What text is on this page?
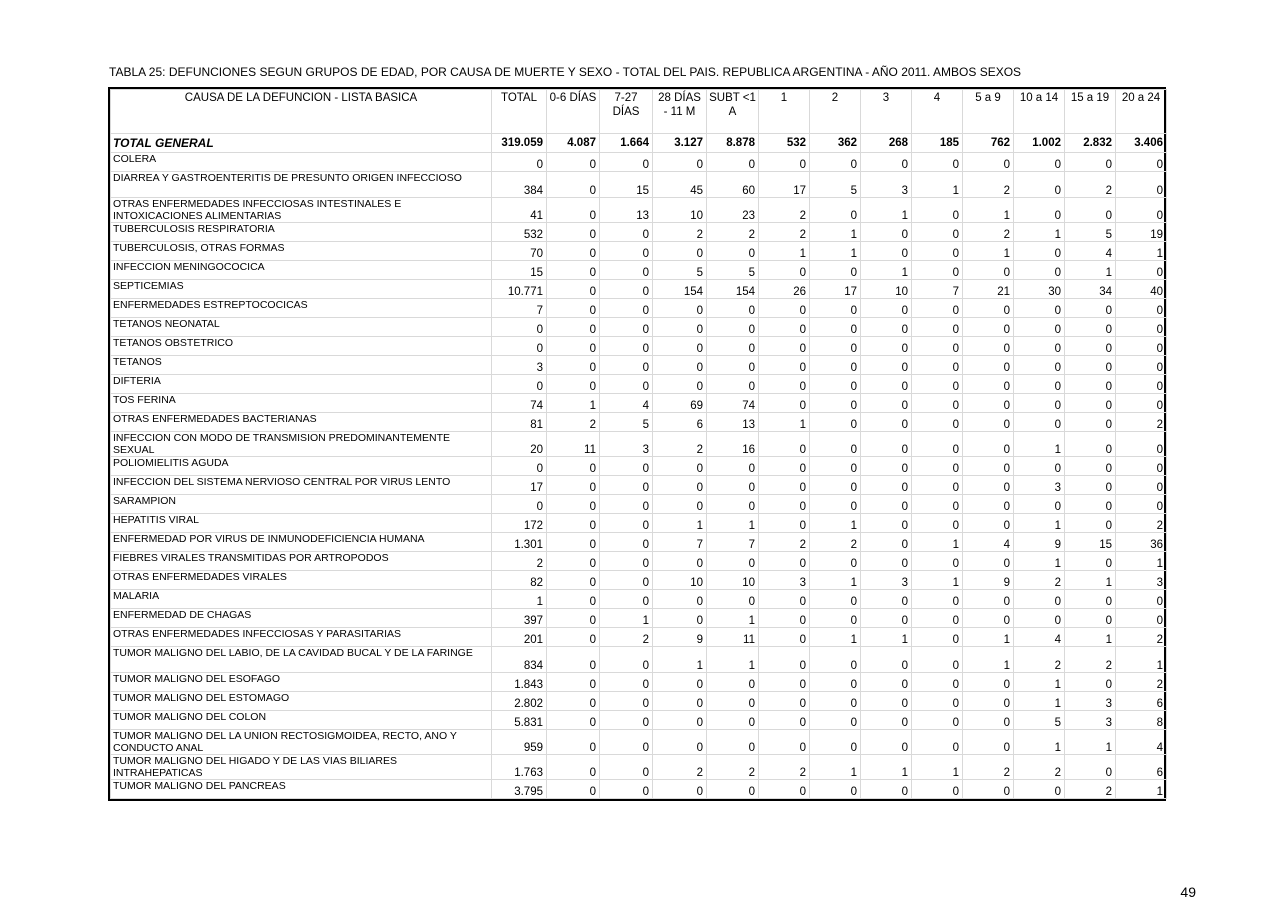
TABLA 25: DEFUNCIONES SEGUN GRUPOS DE EDAD, POR CAUSA DE MUERTE Y SEXO - TOTAL DEL PAIS. REPUBLICA ARGENTINA - AÑO 2011. AMBOS SEXOS
CAUSA DE LA DEFUNCION - LISTA BASICA	TOTAL	0-6 DÍAS	7-27 DÍAS	28 DÍAS - 11 M	SUBT <1 A	1	2	3	4	5 a 9	10 a 14	15 a 19	20 a 24
TOTAL GENERAL	319.059	4.087	1.664	3.127	8.878	532	362	268	185	762	1.002	2.832	3.406
COLERA	0	0	0	0	0	0	0	0	0	0	0	0	0
DIARREA Y GASTROENTERITIS DE PRESUNTO ORIGEN INFECCIOSO	384	0	15	45	60	17	5	3	1	2	0	2	0
OTRAS ENFERMEDADES INFECCIOSAS INTESTINALES E INTOXICACIONES ALIMENTARIAS	41	0	13	10	23	2	0	1	0	1	0	0	0
TUBERCULOSIS RESPIRATORIA	532	0	0	2	2	2	1	0	0	2	1	5	19
TUBERCULOSIS, OTRAS FORMAS	70	0	0	0	0	1	1	0	0	1	0	4	1
INFECCION MENINGOCOCICA	15	0	0	5	5	0	0	1	0	0	0	1	0
SEPTICEMIAS	10.771	0	0	154	154	26	17	10	7	21	30	34	40
ENFERMEDADES ESTREPTOCOCICAS	7	0	0	0	0	0	0	0	0	0	0	0	0
TETANOS NEONATAL	0	0	0	0	0	0	0	0	0	0	0	0	0
TETANOS OBSTETRICO	0	0	0	0	0	0	0	0	0	0	0	0	0
TETANOS	3	0	0	0	0	0	0	0	0	0	0	0	0
DIFTERIA	0	0	0	0	0	0	0	0	0	0	0	0	0
TOS FERINA	74	1	4	69	74	0	0	0	0	0	0	0	0
OTRAS ENFERMEDADES BACTERIANAS	81	2	5	6	13	1	0	0	0	0	0	0	2
INFECCION CON MODO DE TRANSMISION PREDOMINANTEMENTE SEXUAL	20	11	3	2	16	0	0	0	0	0	1	0	0
POLIOMIELITIS AGUDA	0	0	0	0	0	0	0	0	0	0	0	0	0
INFECCION DEL SISTEMA NERVIOSO CENTRAL POR VIRUS LENTO	17	0	0	0	0	0	0	0	0	0	3	0	0
SARAMPION	0	0	0	0	0	0	0	0	0	0	0	0	0
HEPATITIS VIRAL	172	0	0	1	1	0	1	0	0	0	1	0	2
ENFERMEDAD POR VIRUS DE INMUNODEFICIENCIA HUMANA	1.301	0	0	7	7	2	2	0	1	4	9	15	36
FIEBRES VIRALES TRANSMITIDAS POR ARTROPODOS	2	0	0	0	0	0	0	0	0	0	1	0	1
OTRAS ENFERMEDADES VIRALES	82	0	0	10	10	3	1	3	1	9	2	1	3
MALARIA	1	0	0	0	0	0	0	0	0	0	0	0	0
ENFERMEDAD DE CHAGAS	397	0	1	0	1	0	0	0	0	0	0	0	0
OTRAS ENFERMEDADES INFECCIOSAS Y PARASITARIAS	201	0	2	9	11	0	1	1	0	1	4	1	2
TUMOR MALIGNO DEL LABIO, DE LA CAVIDAD BUCAL Y DE LA FARINGE	834	0	0	1	1	0	0	0	0	1	2	2	1
TUMOR MALIGNO DEL ESOFAGO	1.843	0	0	0	0	0	0	0	0	0	1	0	2
TUMOR MALIGNO DEL ESTOMAGO	2.802	0	0	0	0	0	0	0	0	0	1	3	6
TUMOR MALIGNO DEL COLON	5.831	0	0	0	0	0	0	0	0	0	5	3	8
TUMOR MALIGNO DEL LA UNION RECTOSIGMOIDEA, RECTO, ANO Y CONDUCTO ANAL	959	0	0	0	0	0	0	0	0	0	1	1	4
TUMOR MALIGNO DEL HIGADO Y DE LAS VIAS BILIARES INTRAHEPATICAS	1.763	0	0	2	2	2	1	1	1	2	2	0	6
TUMOR MALIGNO DEL PANCREAS	3.795	0	0	0	0	0	0	0	0	0	0	2	1
49
